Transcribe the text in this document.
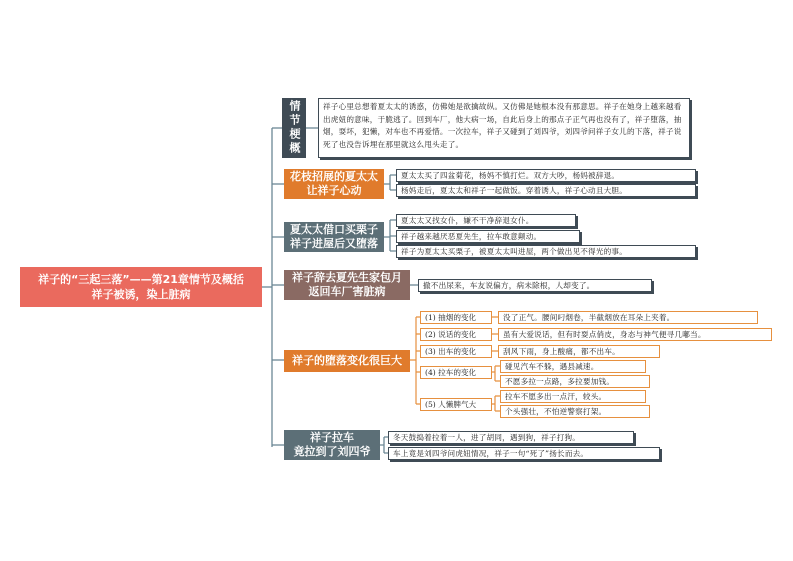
祥子的“三起三落”——第21章情节及概括
祥子被诱，染上脏病
情节梗概	祥子心里总想着夏太太的诱惑，仿佛她是欲擒故纵。又仿佛是她根本没有那意思。祥子在她身上越来越看出虎妞的意味，于脆逃了。回到车厂，他大病一场，自此后身上的那点子正气再也没有了，祥子堕落，抽烟，耍坏，犯懒，对车也不再爱惜。一次拉车，祥子又碰到了刘四爷，刘四爷问祥子女儿的下落，祥子说死了也没告诉埋在那里就这么甩头走了。
花枝招展的夏太太
让祥子心动
夏太太买了四盆菊花，杨妈不慎打烂。双方大吵，杨妈被辞退。
杨妈走后，夏太太和祥子一起做饭。穿着诱人，祥子心动且大胆。
夏太太借口买栗子
祥子进屋后又堕落
夏太太又找女仆，嫌不干净辞退女仆。
祥子越来越厌恶夏先生，拉车敢意颠动。
祥子为夏太太买栗子，被夏太太叫进屋，两个做出见不得光的事。
祥子辞去夏先生家包月
返回车厂害脏病	撤不出尿来，车友说偏方，病未除根，人却变了。
祥子的堕落变化很巨大
(1) 抽烟的变化	没了正气。腰间叼烟卷，半截烟放在耳朵上夹着。
(2) 说话的变化	虽有大爱说话，但有时耍点俏皮，身态与神气便寻几嘟当。
(3) 出车的变化	刮风下雨，身上酸痛，都不出车。
(4) 拉车的变化
碰见汽车不躲，遇县减速。
不愿多拉一点路，多拉要加钱。
(5) 人懒脾气大
拉车不愿多出一点汗，较头。
个头强壮，不怕逆警察打架。
祥子拉车
竟拉到了刘四爷
冬天鼓捣着拉着一人，进了胡同，遇到狗，祥子打狗。
车上竟是刘四爷问虎妞情况，祥子一句“死了”扬长而去。
